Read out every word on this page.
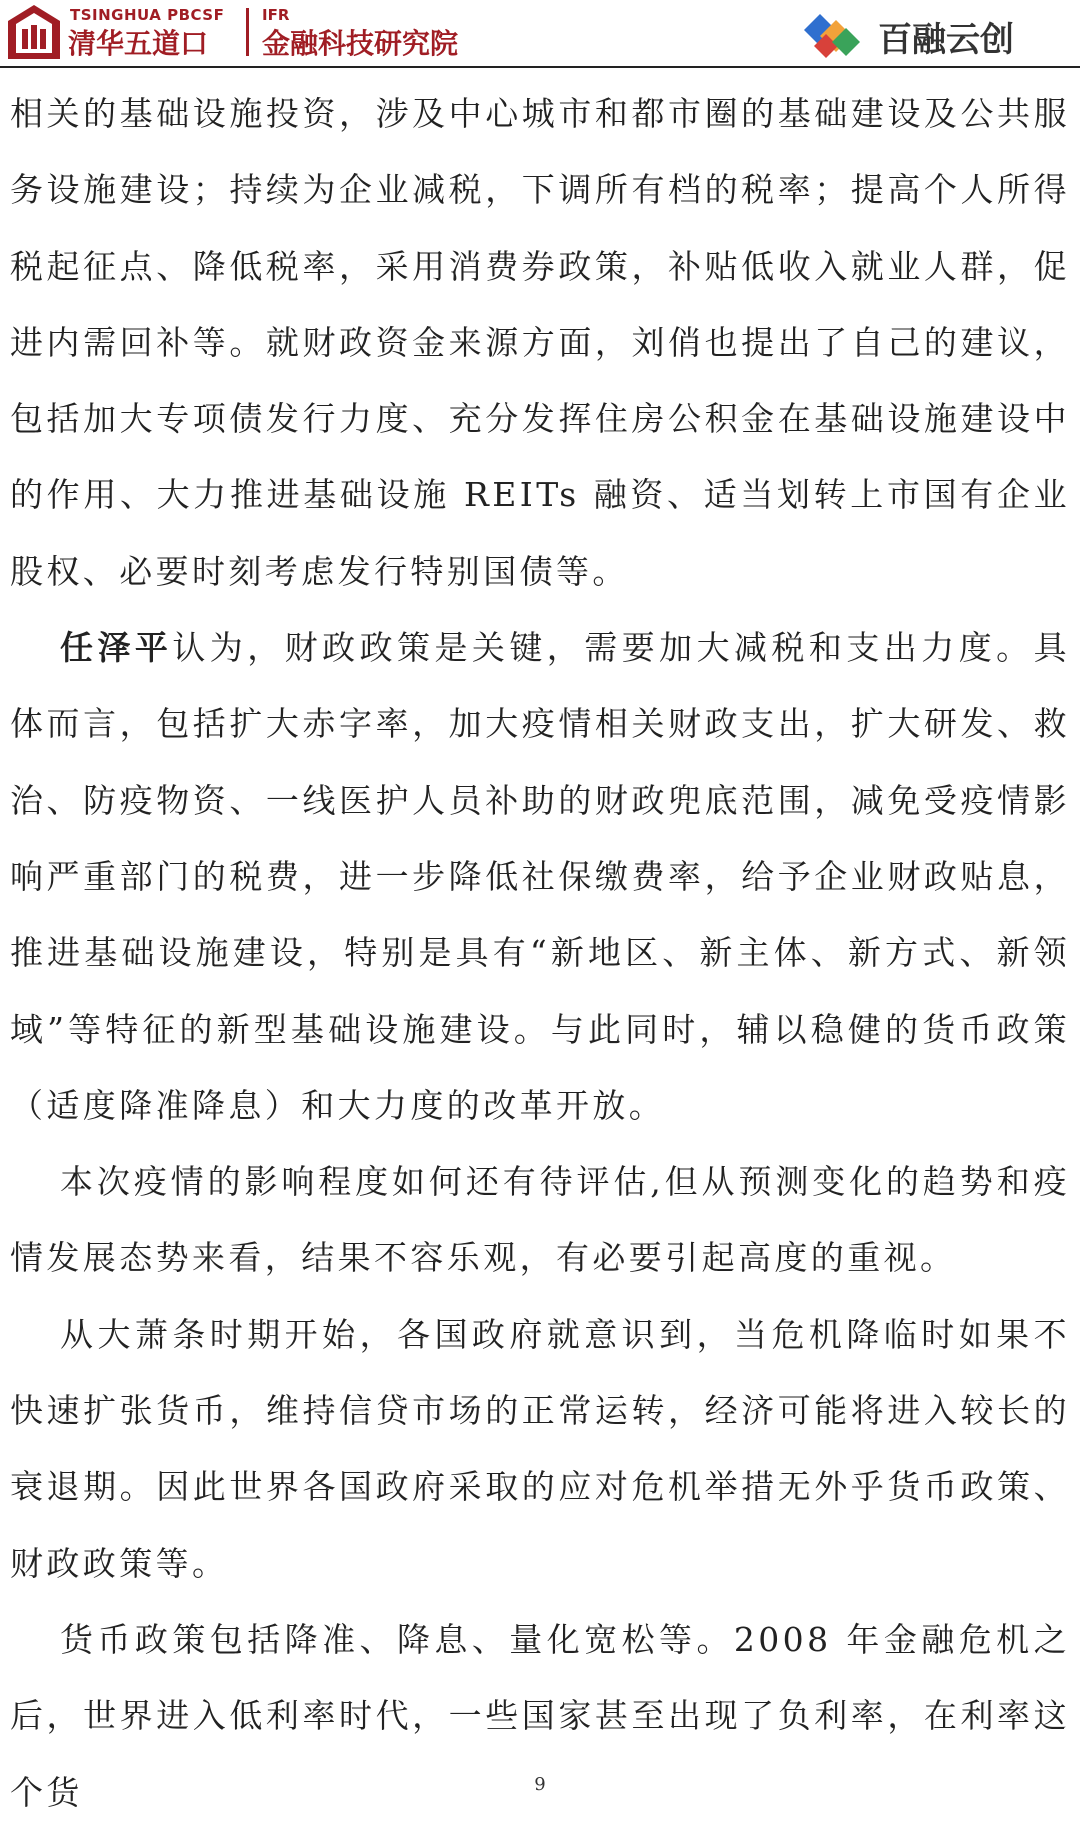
TSINGHUA PBCSF
清华五道口
IFR
金融科技研究院	百融云创

相关的基础设施投资，涉及中心城市和都市圈的基础建设及公共服务设施建设；持续为企业减税，下调所有档的税率；提高个人所得税起征点、降低税率，采用消费券政策，补贴低收入就业人群，促进内需回补等。就财政资金来源方面，刘俏也提出了自己的建议，包括加大专项债发行力度、充分发挥住房公积金在基础设施建设中的作用、大力推进基础设施 REITs 融资、适当划转上市国有企业股权、必要时刻考虑发行特别国债等。

任泽平认为，财政政策是关键，需要加大减税和支出力度。具体而言，包括扩大赤字率，加大疫情相关财政支出，扩大研发、救治、防疫物资、一线医护人员补助的财政兜底范围，减免受疫情影响严重部门的税费，进一步降低社保缴费率，给予企业财政贴息，推进基础设施建设，特别是具有“新地区、新主体、新方式、新领域”等特征的新型基础设施建设。与此同时，辅以稳健的货币政策（适度降准降息）和大力度的改革开放。

本次疫情的影响程度如何还有待评估,但从预测变化的趋势和疫情发展态势来看，结果不容乐观，有必要引起高度的重视。

从大萧条时期开始，各国政府就意识到，当危机降临时如果不快速扩张货币，维持信贷市场的正常运转，经济可能将进入较长的衰退期。因此世界各国政府采取的应对危机举措无外乎货币政策、财政政策等。

货币政策包括降准、降息、量化宽松等。2008 年金融危机之后，世界进入低利率时代，一些国家甚至出现了负利率，在利率这个货	9
